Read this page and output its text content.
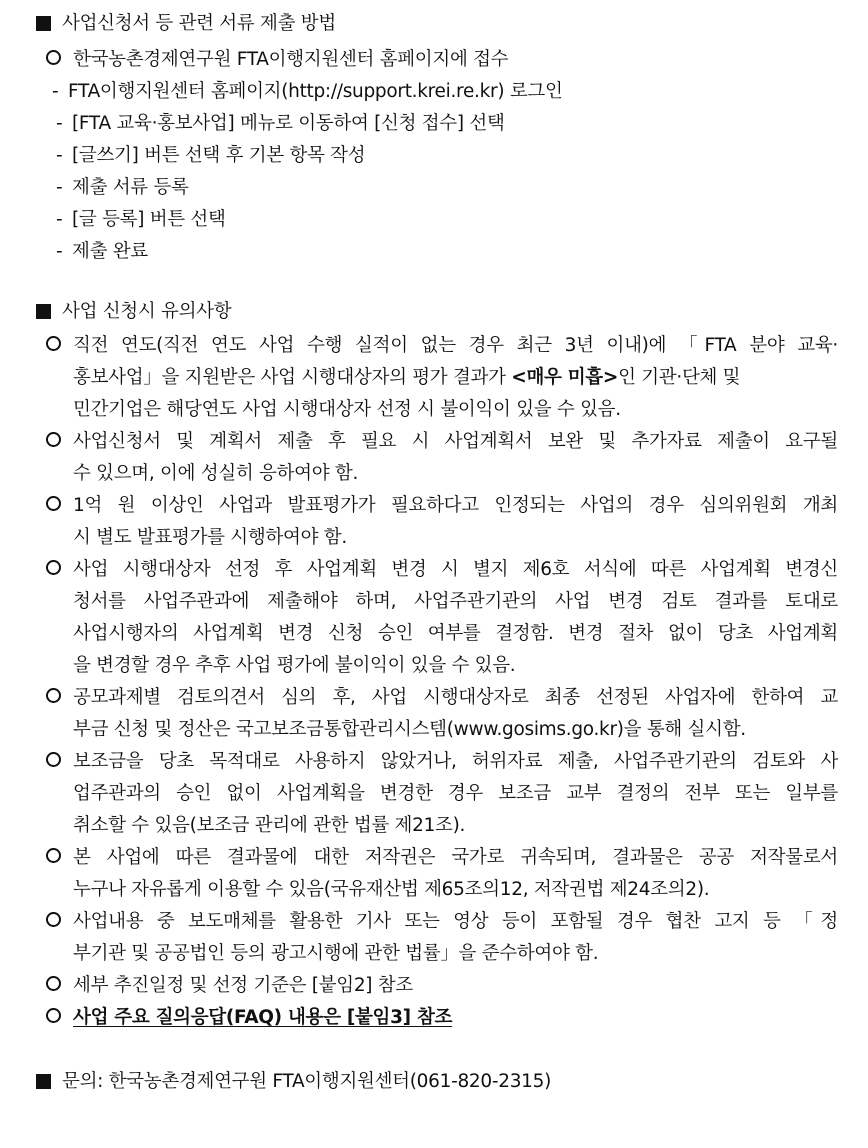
사업신청서 등 관련 서류 제출 방법
한국농촌경제연구원 FTA이행지원센터 홈페이지에 접수
- FTA이행지원센터 홈페이지(http://support.krei.re.kr) 로그인
- [FTA 교육·홍보사업] 메뉴로 이동하여 [신청 접수] 선택
- [글쓰기] 버튼 선택 후 기본 항목 작성
- 제출 서류 등록
- [글 등록] 버튼 선택
- 제출 완료
사업 신청시 유의사항
직전 연도(직전 연도 사업 수행 실적이 없는 경우 최근 3년 이내)에 「FTA 분야 교육·
홍보사업」을 지원받은 사업 시행대상자의 평가 결과가 <매우 미흡>인 기관·단체 및
민간기업은 해당연도 사업 시행대상자 선정 시 불이익이 있을 수 있음.
사업신청서 및 계획서 제출 후 필요 시 사업계획서 보완 및 추가자료 제출이 요구될
수 있으며, 이에 성실히 응하여야 함.
1억 원 이상인 사업과 발표평가가 필요하다고 인정되는 사업의 경우 심의위원회 개최
시 별도 발표평가를 시행하여야 함.
사업 시행대상자 선정 후 사업계획 변경 시 별지 제6호 서식에 따른 사업계획 변경신
청서를 사업주관과에 제출해야 하며, 사업주관기관의 사업 변경 검토 결과를 토대로
사업시행자의 사업계획 변경 신청 승인 여부를 결정함. 변경 절차 없이 당초 사업계획
을 변경할 경우 추후 사업 평가에 불이익이 있을 수 있음.
공모과제별 검토의견서 심의 후, 사업 시행대상자로 최종 선정된 사업자에 한하여 교
부금 신청 및 정산은 국고보조금통합관리시스템(www.gosims.go.kr)을 통해 실시함.
보조금을 당초 목적대로 사용하지 않았거나, 허위자료 제출, 사업주관기관의 검토와 사
업주관과의 승인 없이 사업계획을 변경한 경우 보조금 교부 결정의 전부 또는 일부를
취소할 수 있음(보조금 관리에 관한 법률 제21조).
본 사업에 따른 결과물에 대한 저작권은 국가로 귀속되며, 결과물은 공공 저작물로서
누구나 자유롭게 이용할 수 있음(국유재산법 제65조의12, 저작권법 제24조의2).
사업내용 중 보도매체를 활용한 기사 또는 영상 등이 포함될 경우 협찬 고지 등 「정
부기관 및 공공법인 등의 광고시행에 관한 법률」을 준수하여야 함.
세부 추진일정 및 선정 기준은 [붙임2] 참조
사업 주요 질의응답(FAQ) 내용은 [붙임3] 참조
문의: 한국농촌경제연구원 FTA이행지원센터(061-820-2315)
